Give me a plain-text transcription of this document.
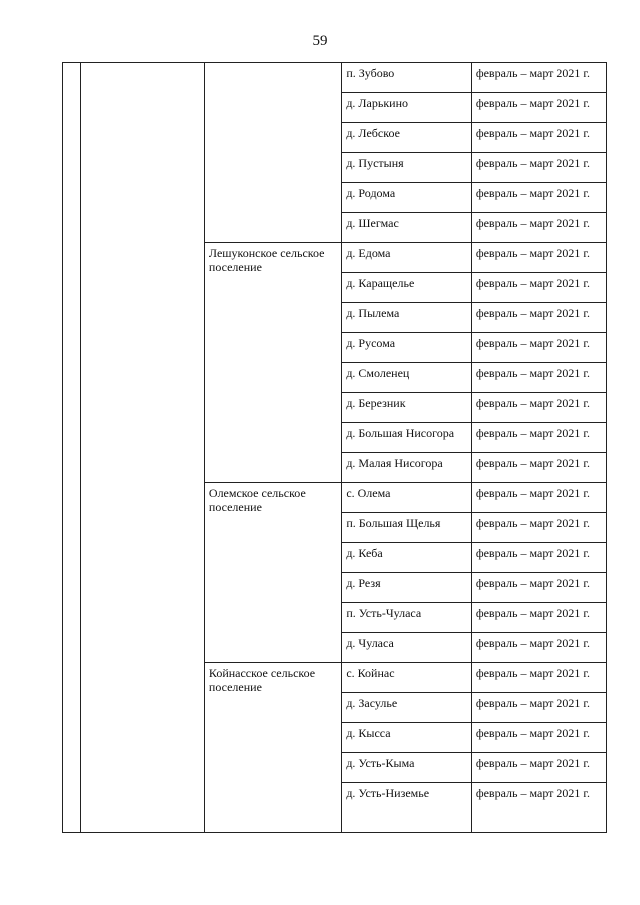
59
			п. Зубово	февраль – март 2021 г.
			д. Ларькино	февраль – март 2021 г.
			д. Лебское	февраль – март 2021 г.
			д. Пустыня	февраль – март 2021 г.
			д. Родома	февраль – март 2021 г.
			д. Шегмас	февраль – март 2021 г.
		Лешуконское сельское поселение	д. Едома	февраль – март 2021 г.
			д. Каращелье	февраль – март 2021 г.
			д. Пылема	февраль – март 2021 г.
			д. Русома	февраль – март 2021 г.
			д. Смоленец	февраль – март 2021 г.
			д. Березник	февраль – март 2021 г.
			д. Большая Нисогора	февраль – март 2021 г.
			д. Малая Нисогора	февраль – март 2021 г.
		Олемское сельское поселение	с. Олема	февраль – март 2021 г.
			п. Большая Щелья	февраль – март 2021 г.
			д. Кеба	февраль – март 2021 г.
			д. Резя	февраль – март 2021 г.
			п. Усть-Чуласа	февраль – март 2021 г.
			д. Чуласа	февраль – март 2021 г.
		Койнасское сельское поселение	с. Койнас	февраль – март 2021 г.
			д. Засулье	февраль – март 2021 г.
			д. Кысса	февраль – март 2021 г.
			д. Усть-Кыма	февраль – март 2021 г.
			д. Усть-Низемье	февраль – март 2021 г.
